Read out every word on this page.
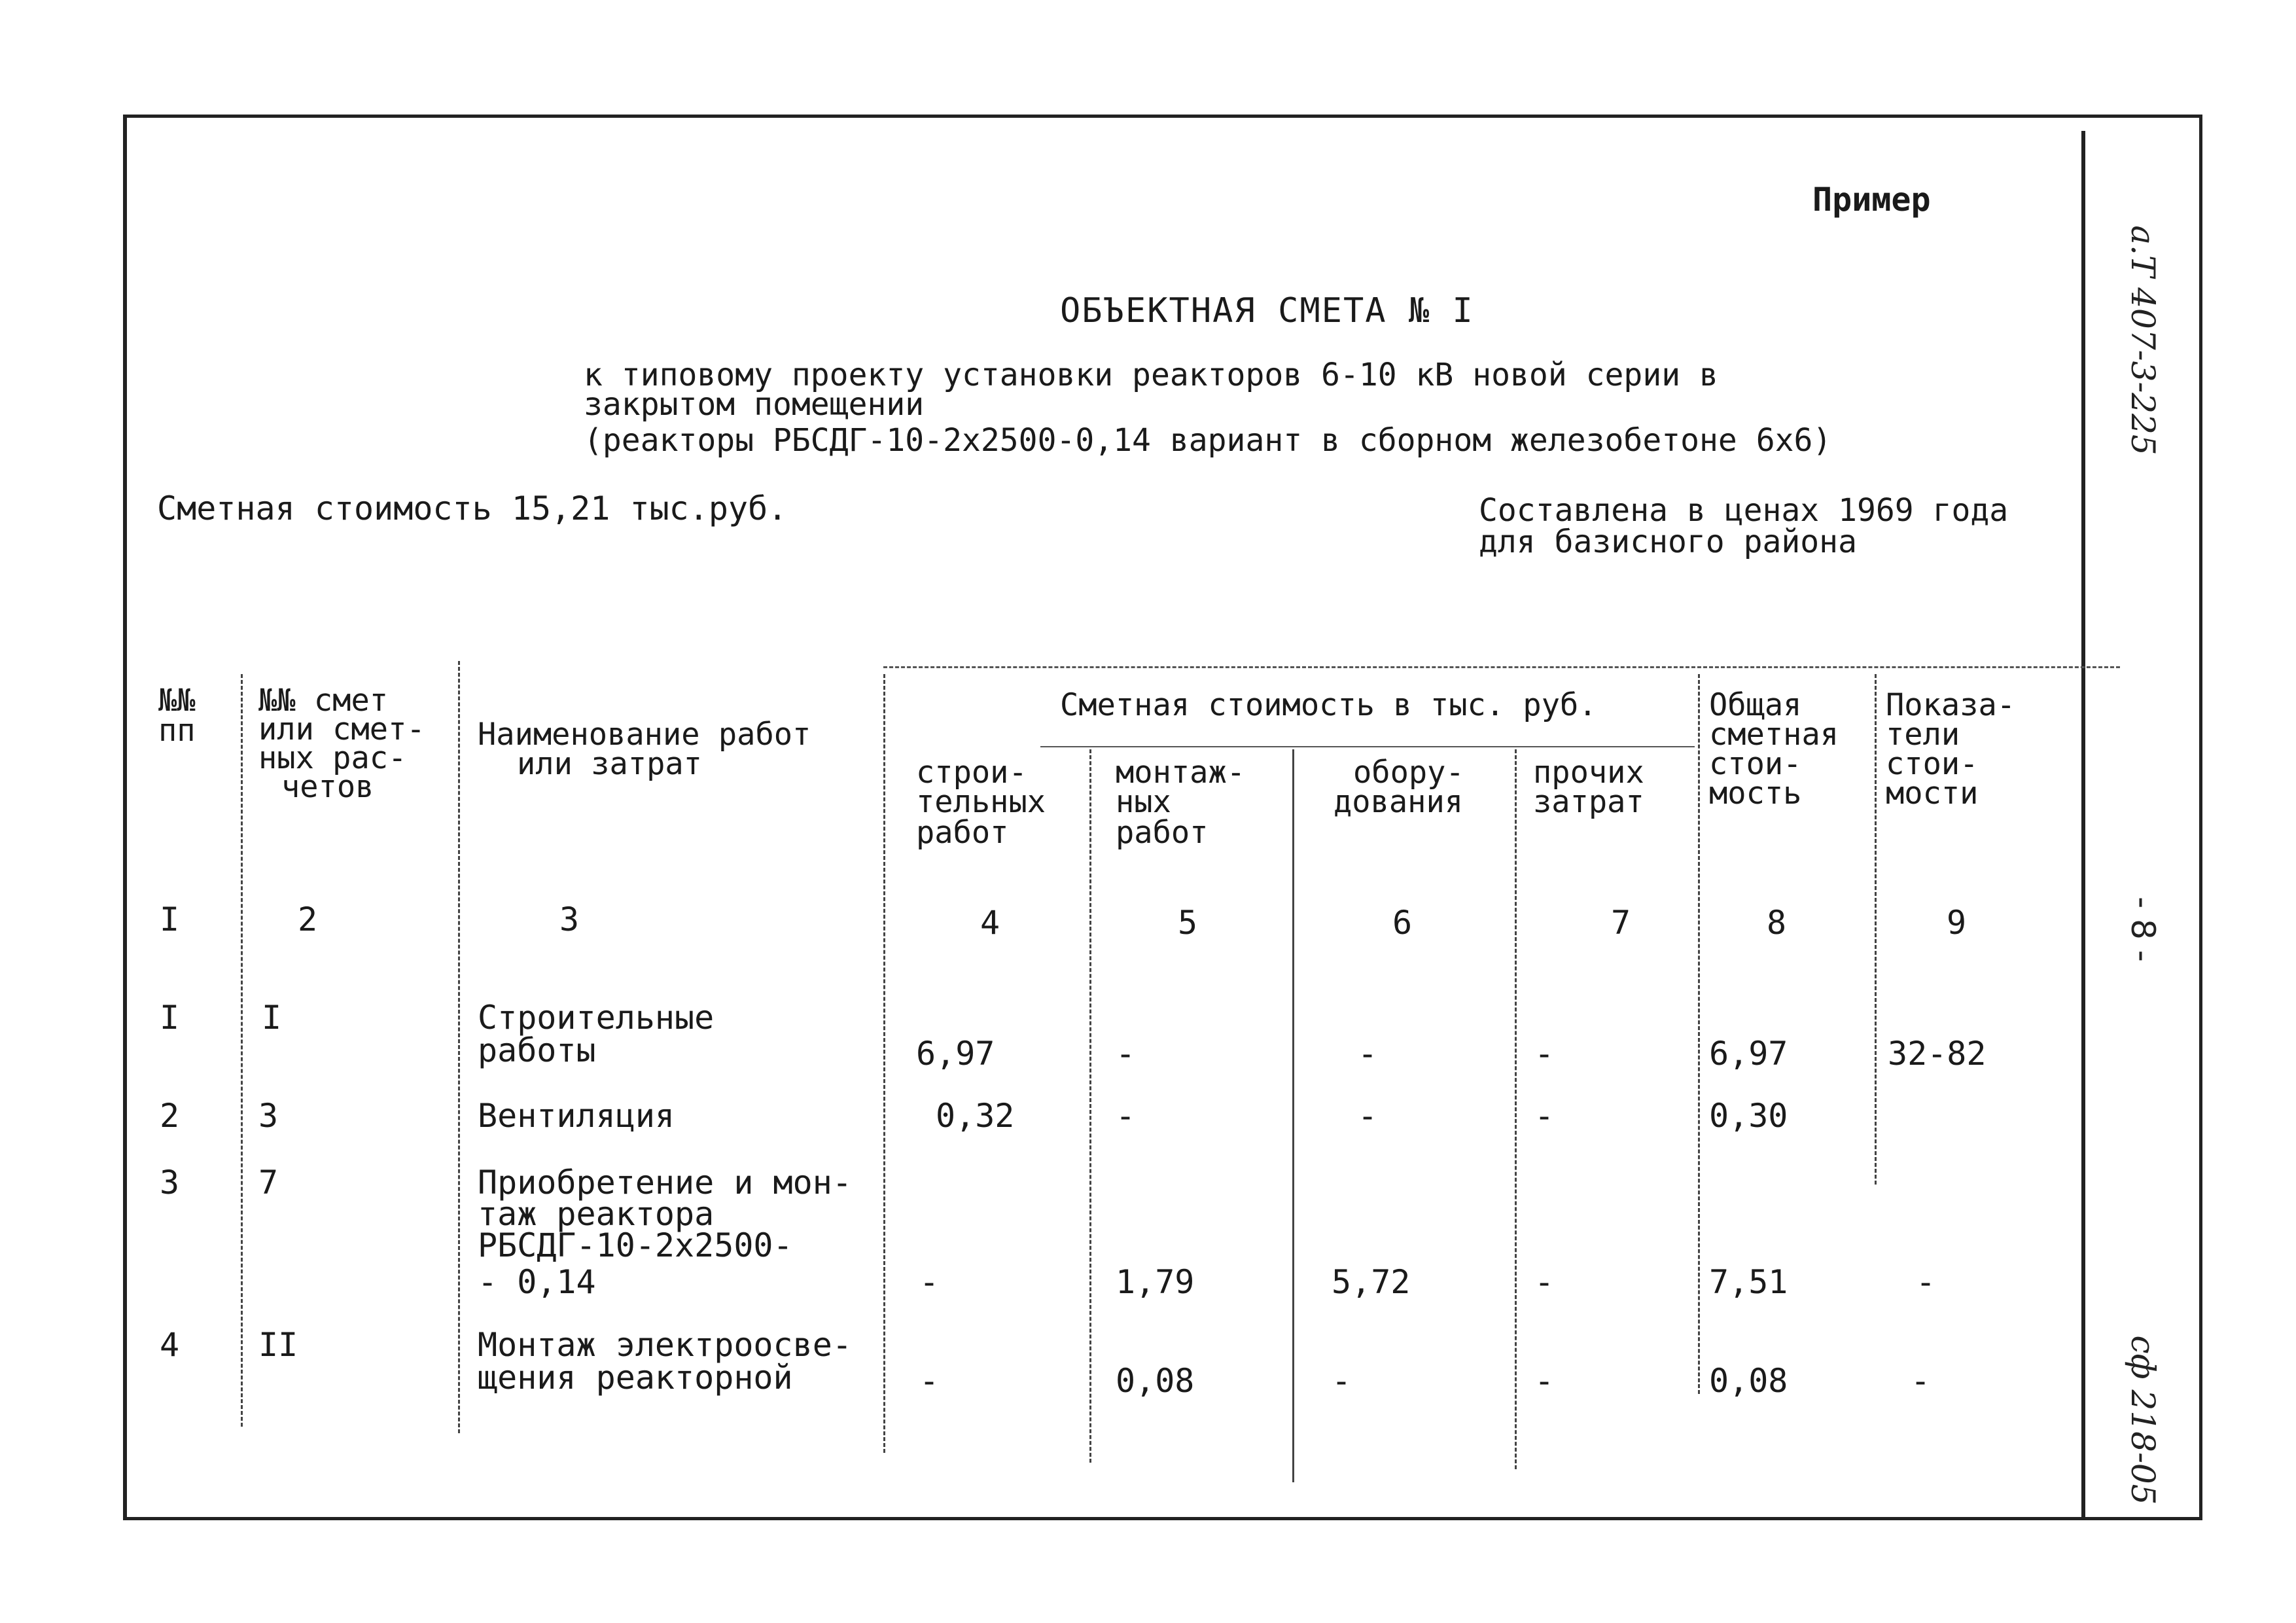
а.Т 407-3-225
- 8 -
сф 218-05
Пример
ОБЪЕКТНАЯ СМЕТА № I
к типовому проекту установки реакторов 6-10 кВ новой серии в
закрытом помещении
(реакторы РБСДГ-10-2х2500-0,14 вариант в сборном железобетоне 6х6)
Сметная стоимость 15,21 тыс.руб.	Составлена в ценах 1969 года
для базисного района
№№ пп
№№ смет
или смет-
ных рас-
четов
Наименование работ
или затрат
Сметная стоимость в тыс. руб.
строи-
тельных
работ
монтаж-
ных
работ
обору-
дования
прочих
затрат
Общая
сметная
стои-
мость
Показа-
тели
стои-
мости
I	2	3	4	5	6	7	8	9
I	I	Строительные
работы	6,97	-	-	-	6,97	32-82
2 3	Вентиляция	0,32	-	-	-	0,30
3 7	Приобретение и мон-
таж реактора
РБСДГ-10-2х2500-
- 0,14	-	1,79	5,72	-	7,51	-
4 II	Монтаж электроосве-
щения реакторной	-	0,08	-	-	0,08	-
